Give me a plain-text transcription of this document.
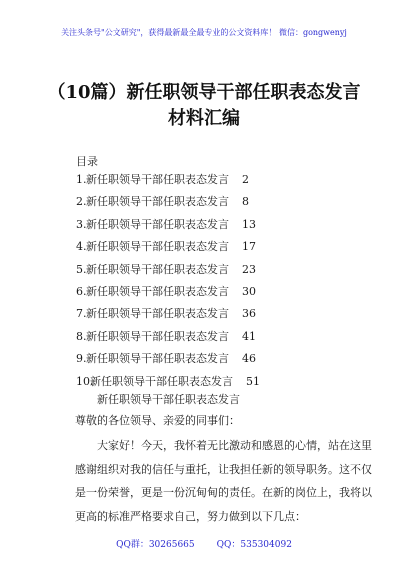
关注头条号"公文研究"，获得最新最全最专业的公文资料库！ 微信：gongwenyj
（10篇）新任职领导干部任职表态发言
材料汇编
目录
1. 新任职领导干部任职表态发言 2
2. 新任职领导干部任职表态发言 8
3. 新任职领导干部任职表态发言 13
4. 新任职领导干部任职表态发言 17
5. 新任职领导干部任职表态发言 23
6. 新任职领导干部任职表态发言 30
7. 新任职领导干部任职表态发言 36
8. 新任职领导干部任职表态发言 41
9. 新任职领导干部任职表态发言 46
10.
新任职领导干部任职表态发言 51
新任职领导干部任职表态发言
尊敬的各位领导、亲爱的同事们：
大家好！今天，我怀着无比激动和感恩的心情，站在这里
感谢组织对我的信任与重托，让我担任新的领导职务。这不仅
是一份荣誉，更是一份沉甸甸的责任。在新的岗位上，我将以
更高的标准严格要求自己，努力做到以下几点：
QQ群：30265665 QQ：535304092
